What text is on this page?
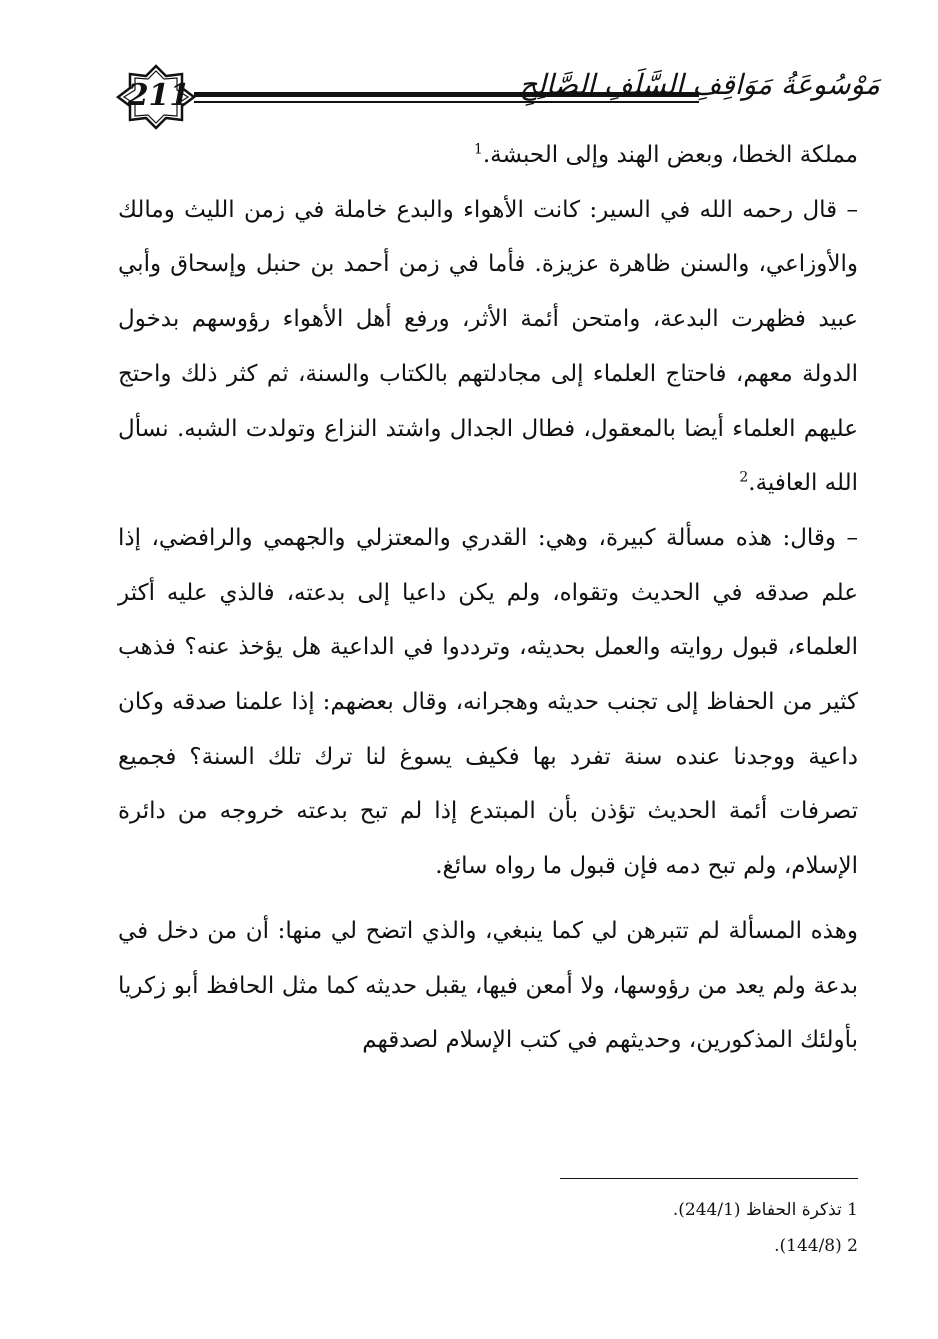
211	مَوْسُوعَةُ مَوَاقِفِ السَّلَفِ الصَّالِحِ

مملكة الخطا، وبعض الهند وإلى الحبشة.$^1$

– قال رحمه الله في السير: كانت الأهواء والبدع خاملة في زمن الليث ومالك والأوزاعي، والسنن ظاهرة عزيزة. فأما في زمن أحمد بن حنبل وإسحاق وأبي عبيد فظهرت البدعة، وامتحن أئمة الأثر، ورفع أهل الأهواء رؤوسهم بدخول الدولة معهم، فاحتاج العلماء إلى مجادلتهم بالكتاب والسنة، ثم كثر ذلك واحتج عليهم العلماء أيضا بالمعقول، فطال الجدال واشتد النزاع وتولدت الشبه. نسأل الله العافية.$^2$

– وقال: هذه مسألة كبيرة، وهي: القدري والمعتزلي والجهمي والرافضي، إذا علم صدقه في الحديث وتقواه، ولم يكن داعيا إلى بدعته، فالذي عليه أكثر العلماء، قبول روايته والعمل بحديثه، وترددوا في الداعية هل يؤخذ عنه؟ فذهب كثير من الحفاظ إلى تجنب حديثه وهجرانه، وقال بعضهم: إذا علمنا صدقه وكان داعية ووجدنا عنده سنة تفرد بها فكيف يسوغ لنا ترك تلك السنة؟ فجميع تصرفات أئمة الحديث تؤذن بأن المبتدع إذا لم تبح بدعته خروجه من دائرة الإسلام، ولم تبح دمه فإن قبول ما رواه سائغ.

وهذه المسألة لم تتبرهن لي كما ينبغي، والذي اتضح لي منها: أن من دخل في بدعة ولم يعد من رؤوسها، ولا أمعن فيها، يقبل حديثه كما مثل الحافظ أبو زكريا بأولئك المذكورين، وحديثهم في كتب الإسلام لصدقهم

1 تذكرة الحفاظ (244/1).
2 (144/8).
